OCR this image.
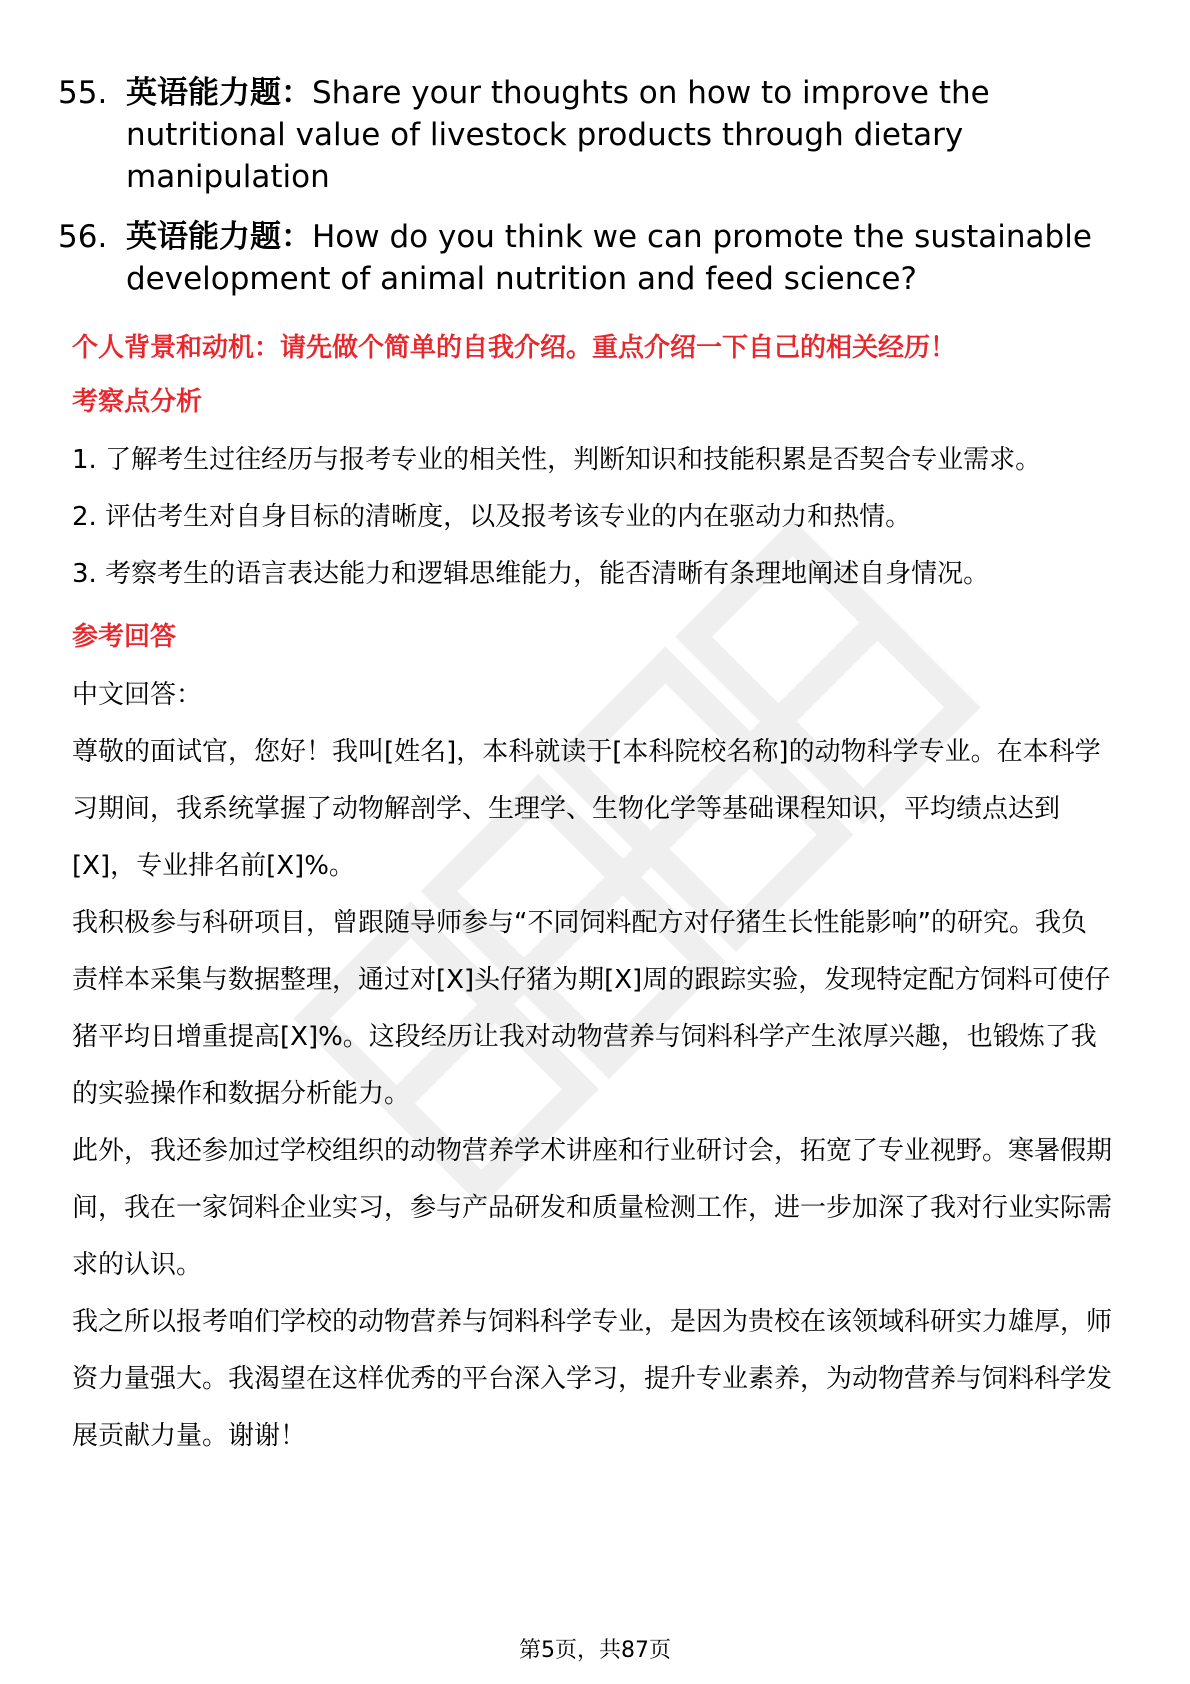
55. 英语能力题：Share your thoughts on how to improve the nutritional value of livestock products through dietary manipulation
56. 英语能力题：How do you think we can promote the sustainable development of animal nutrition and feed science?
个人背景和动机：请先做个简单的自我介绍。重点介绍一下自己的相关经历！
考察点分析
1. 了解考生过往经历与报考专业的相关性，判断知识和技能积累是否契合专业需求。
2. 评估考生对自身目标的清晰度，以及报考该专业的内在驱动力和热情。
3. 考察考生的语言表达能力和逻辑思维能力，能否清晰有条理地阐述自身情况。
参考回答
中文回答：
尊敬的面试官，您好！我叫[姓名]，本科就读于[本科院校名称]的动物科学专业。在本科学习期间，我系统掌握了动物解剖学、生理学、生物化学等基础课程知识，平均绩点达到[X]，专业排名前[X]%。
我积极参与科研项目，曾跟随导师参与“不同饲料配方对仔猪生长性能影响”的研究。我负责样本采集与数据整理，通过对[X]头仔猪为期[X]周的跟踪实验，发现特定配方饲料可使仔猪平均日增重提高[X]%。这段经历让我对动物营养与饲料科学产生浓厚兴趣，也锻炼了我的实验操作和数据分析能力。
此外，我还参加过学校组织的动物营养学术讲座和行业研讨会，拓宽了专业视野。寒暑假期间，我在一家饲料企业实习，参与产品研发和质量检测工作，进一步加深了我对行业实际需求的认识。
我之所以报考咱们学校的动物营养与饲料科学专业，是因为贵校在该领域科研实力雄厚，师资力量强大。我渴望在这样优秀的平台深入学习，提升专业素养，为动物营养与饲料科学发展贡献力量。谢谢！
第5页，共87页
